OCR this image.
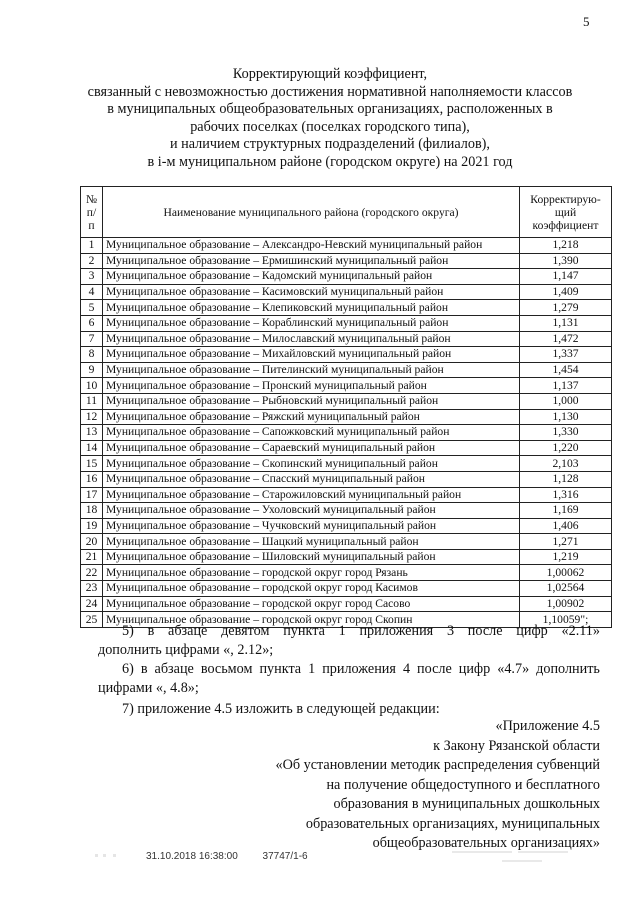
5
Корректирующий коэффициент,
связанный с невозможностью достижения нормативной наполняемости классов
в муниципальных общеобразовательных организациях, расположенных в
рабочих поселках (поселках городского типа),
и наличием структурных подразделений (филиалов),
в i-м муниципальном районе (городском округе) на 2021 год
№ п/п	Наименование муниципального района (городского округа)	Корректирую-щий коэффициент
1	Муниципальное образование – Александро-Невский муниципальный район	1,218
2	Муниципальное образование – Ермишинский муниципальный район	1,390
3	Муниципальное образование – Кадомский муниципальный район	1,147
4	Муниципальное образование – Касимовский муниципальный район	1,409
5	Муниципальное образование – Клепиковский муниципальный район	1,279
6	Муниципальное образование – Кораблинский муниципальный район	1,131
7	Муниципальное образование – Милославский муниципальный район	1,472
8	Муниципальное образование – Михайловский муниципальный район	1,337
9	Муниципальное образование – Пителинский муниципальный район	1,454
10	Муниципальное образование – Пронский муниципальный район	1,137
11	Муниципальное образование – Рыбновский муниципальный район	1,000
12	Муниципальное образование – Ряжский муниципальный район	1,130
13	Муниципальное образование – Сапожковский муниципальный район	1,330
14	Муниципальное образование – Сараевский муниципальный район	1,220
15	Муниципальное образование – Скопинский муниципальный район	2,103
16	Муниципальное образование – Спасский муниципальный район	1,128
17	Муниципальное образование – Старожиловский муниципальный район	1,316
18	Муниципальное образование – Ухоловский муниципальный район	1,169
19	Муниципальное образование – Чучковский муниципальный район	1,406
20	Муниципальное образование – Шацкий муниципальный район	1,271
21	Муниципальное образование – Шиловский муниципальный район	1,219
22	Муниципальное образование – городской округ город Рязань	1,00062
23	Муниципальное образование – городской округ город Касимов	1,02564
24	Муниципальное образование – городской округ город Сасово	1,00902
25	Муниципальное образование – городской округ город Скопин	1,10059";
5) в абзаце девятом пункта 1 приложения 3 после цифр «2.11»
дополнить цифрами «, 2.12»;
6) в абзаце восьмом пункта 1 приложения 4 после цифр «4.7» дополнить
цифрами «, 4.8»;
7) приложение 4.5 изложить в следующей редакции:
«Приложение 4.5
к Закону Рязанской области
«Об установлении методик распределения субвенций
на получение общедоступного и бесплатного
образования в муниципальных дошкольных
образовательных организациях, муниципальных
общеобразовательных организациях»
31.10.2018 16:38:00 37747/1-6
